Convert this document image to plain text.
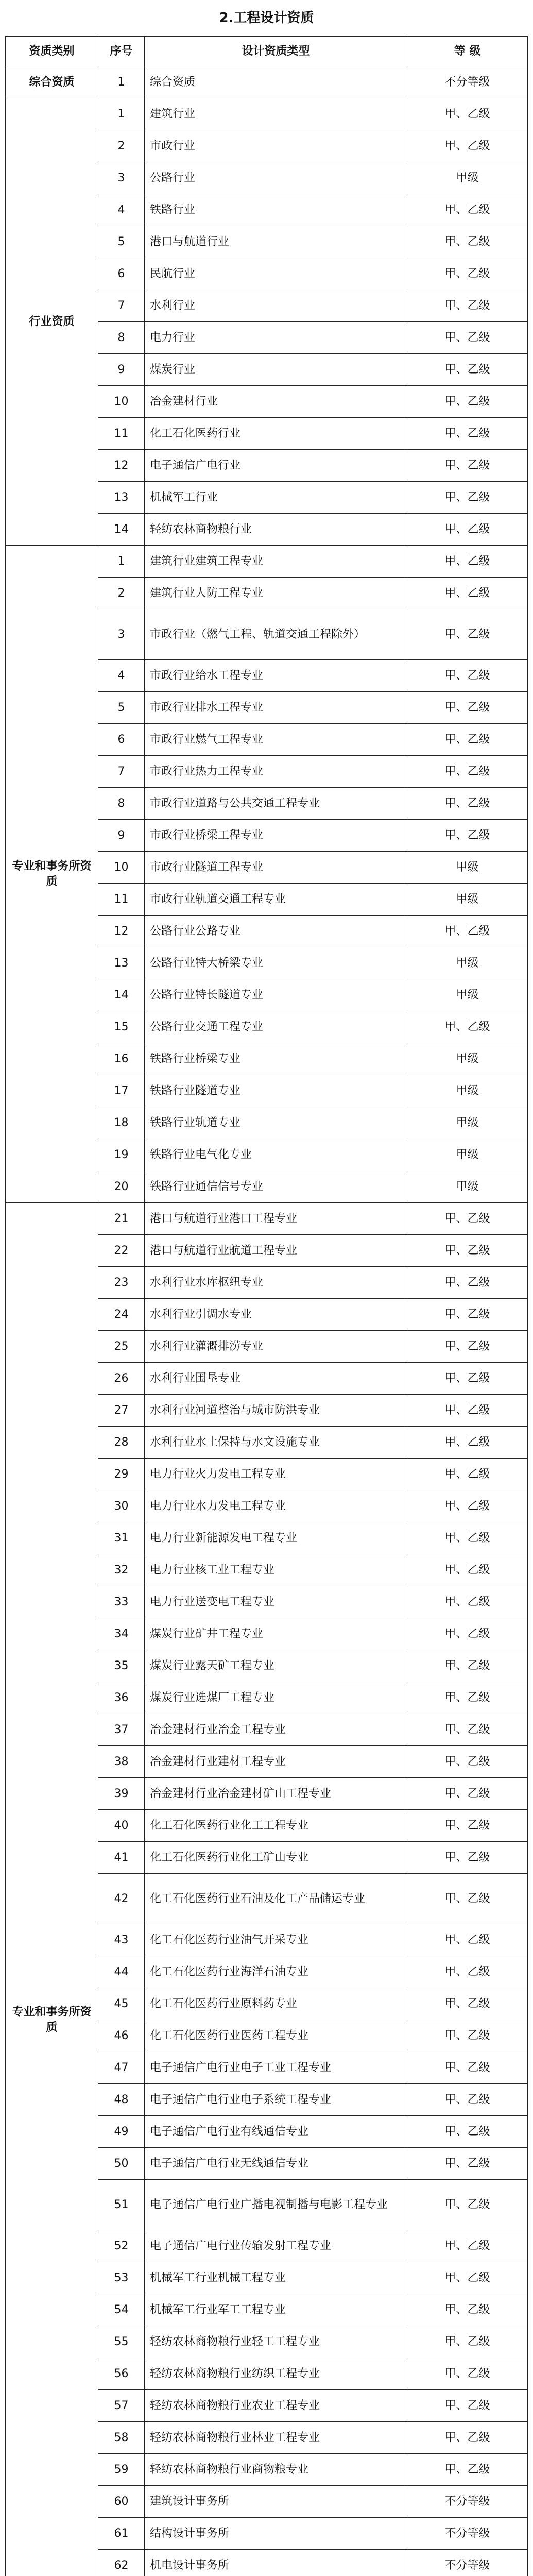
2.工程设计资质
资质类别	序号	设计资质类型	等 级
综合资质	1	综合资质	不分等级
行业资质	1	建筑行业	甲、乙级
	2	市政行业	甲、乙级
	3	公路行业	甲级
	4	铁路行业	甲、乙级
	5	港口与航道行业	甲、乙级
	6	民航行业	甲、乙级
	7	水利行业	甲、乙级
	8	电力行业	甲、乙级
	9	煤炭行业	甲、乙级
	10	冶金建材行业	甲、乙级
	11	化工石化医药行业	甲、乙级
	12	电子通信广电行业	甲、乙级
	13	机械军工行业	甲、乙级
	14	轻纺农林商物粮行业	甲、乙级
专业和事务所资质	1	建筑行业建筑工程专业	甲、乙级
	2	建筑行业人防工程专业	甲、乙级
	3	市政行业（燃气工程、轨道交通工程除外）	甲、乙级
	4	市政行业给水工程专业	甲、乙级
	5	市政行业排水工程专业	甲、乙级
	6	市政行业燃气工程专业	甲、乙级
	7	市政行业热力工程专业	甲、乙级
	8	市政行业道路与公共交通工程专业	甲、乙级
	9	市政行业桥梁工程专业	甲、乙级
	10	市政行业隧道工程专业	甲级
	11	市政行业轨道交通工程专业	甲级
	12	公路行业公路专业	甲、乙级
	13	公路行业特大桥梁专业	甲级
	14	公路行业特长隧道专业	甲级
	15	公路行业交通工程专业	甲、乙级
	16	铁路行业桥梁专业	甲级
	17	铁路行业隧道专业	甲级
	18	铁路行业轨道专业	甲级
	19	铁路行业电气化专业	甲级
	20	铁路行业通信信号专业	甲级
专业和事务所资质	21	港口与航道行业港口工程专业	甲、乙级
	22	港口与航道行业航道工程专业	甲、乙级
	23	水利行业水库枢纽专业	甲、乙级
	24	水利行业引调水专业	甲、乙级
	25	水利行业灌溉排涝专业	甲、乙级
	26	水利行业围垦专业	甲、乙级
	27	水利行业河道整治与城市防洪专业	甲、乙级
	28	水利行业水土保持与水文设施专业	甲、乙级
	29	电力行业火力发电工程专业	甲、乙级
	30	电力行业水力发电工程专业	甲、乙级
	31	电力行业新能源发电工程专业	甲、乙级
	32	电力行业核工业工程专业	甲、乙级
	33	电力行业送变电工程专业	甲、乙级
	34	煤炭行业矿井工程专业	甲、乙级
	35	煤炭行业露天矿工程专业	甲、乙级
	36	煤炭行业选煤厂工程专业	甲、乙级
	37	冶金建材行业冶金工程专业	甲、乙级
	38	冶金建材行业建材工程专业	甲、乙级
	39	冶金建材行业冶金建材矿山工程专业	甲、乙级
	40	化工石化医药行业化工工程专业	甲、乙级
	41	化工石化医药行业化工矿山专业	甲、乙级
	42	化工石化医药行业石油及化工产品储运专业	甲、乙级
	43	化工石化医药行业油气开采专业	甲、乙级
	44	化工石化医药行业海洋石油专业	甲、乙级
	45	化工石化医药行业原料药专业	甲、乙级
	46	化工石化医药行业医药工程专业	甲、乙级
	47	电子通信广电行业电子工业工程专业	甲、乙级
	48	电子通信广电行业电子系统工程专业	甲、乙级
	49	电子通信广电行业有线通信专业	甲、乙级
	50	电子通信广电行业无线通信专业	甲、乙级
	51	电子通信广电行业广播电视制播与电影工程专业	甲、乙级
	52	电子通信广电行业传输发射工程专业	甲、乙级
	53	机械军工行业机械工程专业	甲、乙级
	54	机械军工行业军工工程专业	甲、乙级
	55	轻纺农林商物粮行业轻工工程专业	甲、乙级
	56	轻纺农林商物粮行业纺织工程专业	甲、乙级
	57	轻纺农林商物粮行业农业工程专业	甲、乙级
	58	轻纺农林商物粮行业林业工程专业	甲、乙级
	59	轻纺农林商物粮行业商物粮专业	甲、乙级
	60	建筑设计事务所	不分等级
	61	结构设计事务所	不分等级
	62	机电设计事务所	不分等级
